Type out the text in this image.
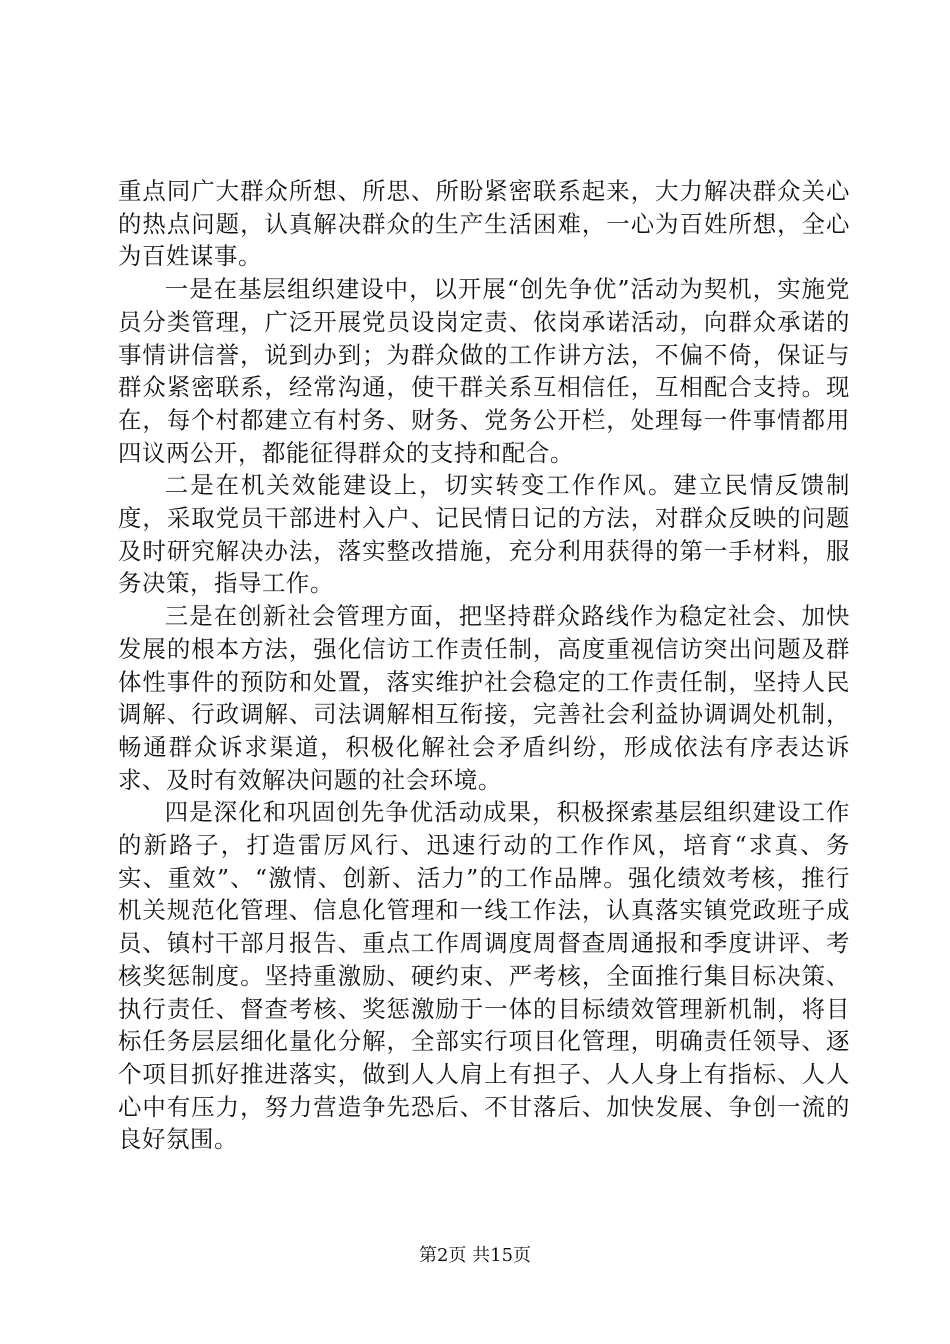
重点同广大群众所想、所思、所盼紧密联系起来，大力解决群众关心的热点问题，认真解决群众的生产生活困难，一心为百姓所想，全心为百姓谋事。

一是在基层组织建设中，以开展“创先争优”活动为契机，实施党员分类管理，广泛开展党员设岗定责、依岗承诺活动，向群众承诺的事情讲信誉，说到办到；为群众做的工作讲方法，不偏不倚，保证与群众紧密联系，经常沟通，使干群关系互相信任，互相配合支持。现在，每个村都建立有村务、财务、党务公开栏，处理每一件事情都用四议两公开，都能征得群众的支持和配合。

二是在机关效能建设上，切实转变工作作风。建立民情反馈制度，采取党员干部进村入户、记民情日记的方法，对群众反映的问题及时研究解决办法，落实整改措施，充分利用获得的第一手材料，服务决策，指导工作。

三是在创新社会管理方面，把坚持群众路线作为稳定社会、加快发展的根本方法，强化信访工作责任制，高度重视信访突出问题及群体性事件的预防和处置，落实维护社会稳定的工作责任制，坚持人民调解、行政调解、司法调解相互衔接，完善社会利益协调调处机制，畅通群众诉求渠道，积极化解社会矛盾纠纷，形成依法有序表达诉求、及时有效解决问题的社会环境。

四是深化和巩固创先争优活动成果，积极探索基层组织建设工作的新路子，打造雷厉风行、迅速行动的工作作风，培育“求真、务实、重效”、“激情、创新、活力”的工作品牌。强化绩效考核，推行机关规范化管理、信息化管理和一线工作法，认真落实镇党政班子成员、镇村干部月报告、重点工作周调度周督查周通报和季度讲评、考核奖惩制度。坚持重激励、硬约束、严考核，全面推行集目标决策、执行责任、督查考核、奖惩激励于一体的目标绩效管理新机制，将目标任务层层细化量化分解，全部实行项目化管理，明确责任领导、逐个项目抓好推进落实，做到人人肩上有担子、人人身上有指标、人人心中有压力，努力营造争先恐后、不甘落后、加快发展、争创一流的良好氛围。

第2页 共15页
